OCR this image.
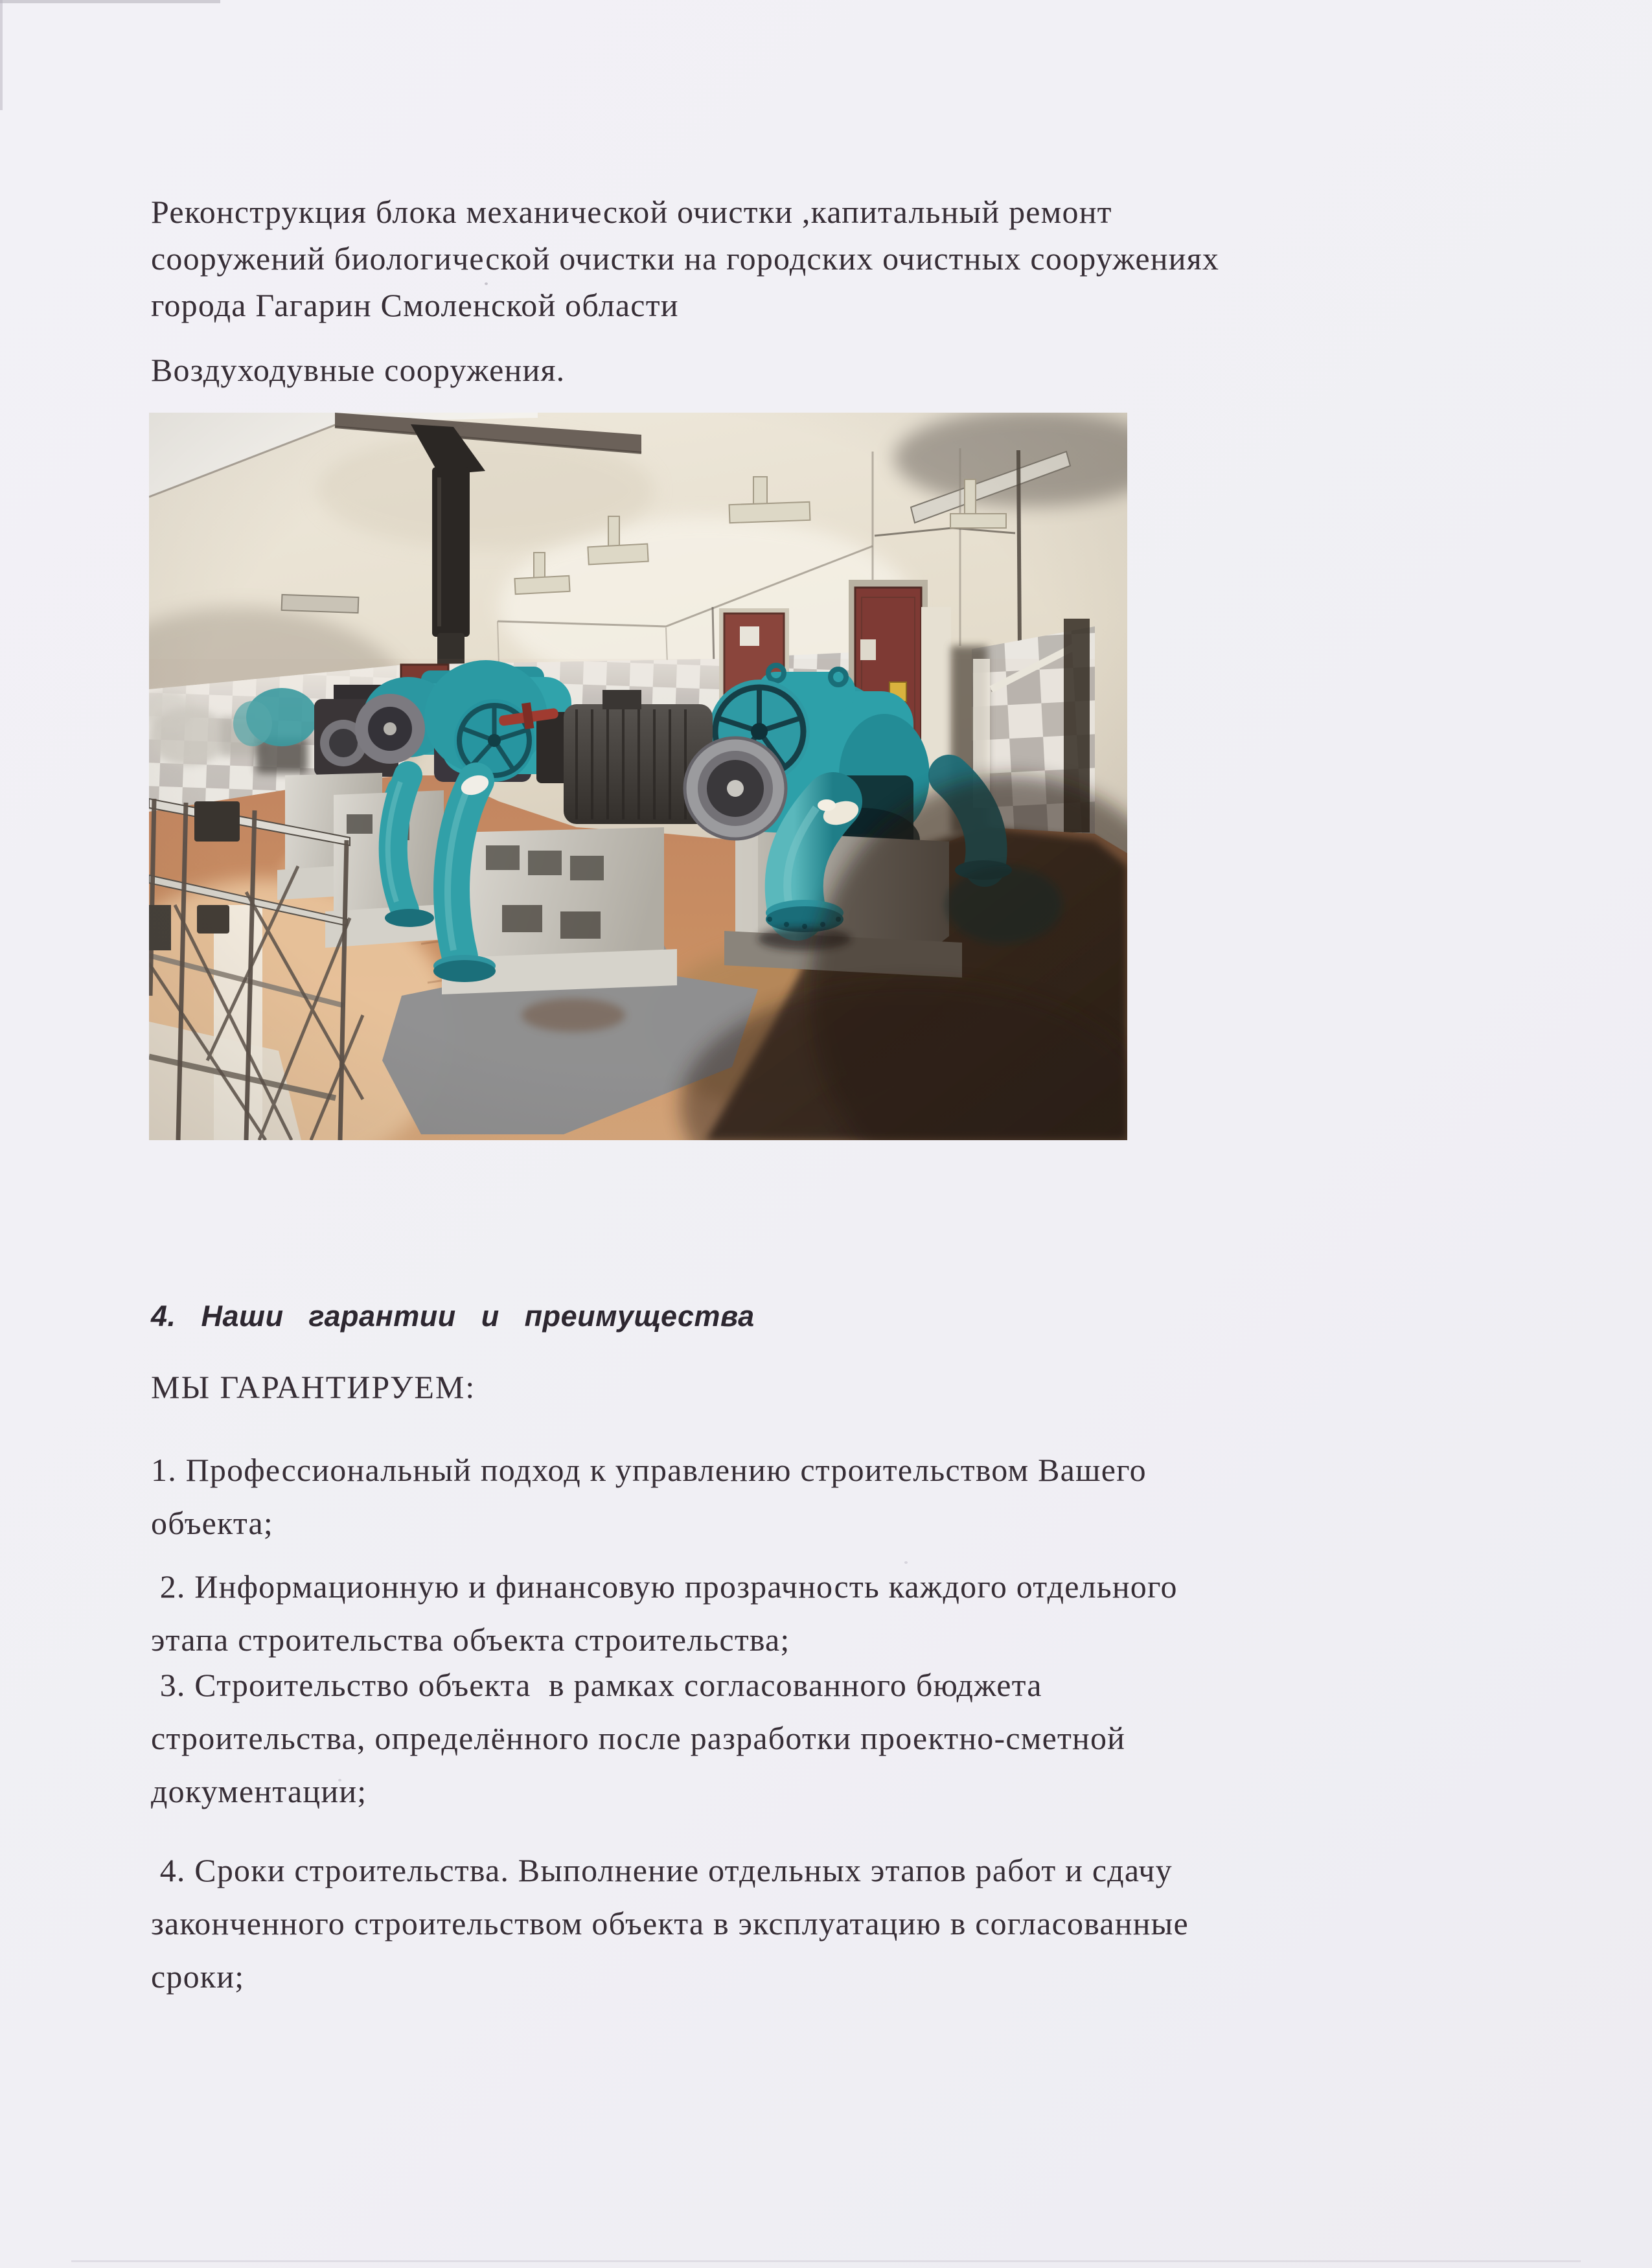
Реконструкция блока механической очистки ,капитальный ремонт
сооружений биологической очистки на городских очистных сооружениях
города Гагарин Смоленской области
Воздуходувные сооружения.
4. Наши гарантии и преимущества
МЫ ГАРАНТИРУЕМ:
1. Профессиональный подход к управлению строительством Вашего
объекта;
2. Информационную и финансовую прозрачность каждого отдельного
этапа строительства объекта строительства;
3. Строительство объекта  в рамках согласованного бюджета
строительства, определённого после разработки проектно-сметной
документации;
4. Сроки строительства. Выполнение отдельных этапов работ и сдачу
законченного строительством объекта в эксплуатацию в согласованные
сроки;
